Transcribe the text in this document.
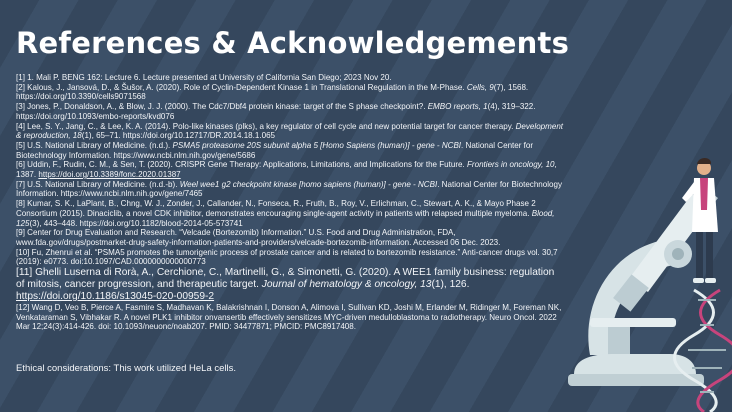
References & Acknowledgements

[1] 1. Mali P. BENG 162: Lecture 6. Lecture presented at University of California San Diego; 2023 Nov 20.

[2] Kalous, J., Jansová, D., & Šušor, A. (2020). Role of Cyclin-Dependent Kinase 1 in Translational Regulation in the M-Phase. Cells, 9(7), 1568. https://doi.org/10.3390/cells9071568

[3] Jones, P., Donaldson, A., & Blow, J. J. (2000). The Cdc7/Dbf4 protein kinase: target of the S phase checkpoint?. EMBO reports, 1(4), 319–322. https://doi.org/10.1093/embo-reports/kvd076

[4] Lee, S. Y., Jang, C., & Lee, K. A. (2014). Polo-like kinases (plks), a key regulator of cell cycle and new potential target for cancer therapy. Development & reproduction, 18(1), 65–71. https://doi.org/10.12717/DR.2014.18.1.065

[5] U.S. National Library of Medicine. (n.d.). PSMA5 proteasome 20S subunit alpha 5 [Homo Sapiens (human)] - gene - NCBI. National Center for Biotechnology Information. https://www.ncbi.nlm.nih.gov/gene/5686

[6] Uddin, F., Rudin, C. M., & Sen, T. (2020). CRISPR Gene Therapy: Applications, Limitations, and Implications for the Future. Frontiers in oncology, 10, 1387. https://doi.org/10.3389/fonc.2020.01387

[7] U.S. National Library of Medicine. (n.d.-b). Weel wee1 g2 checkpoint kinase [homo sapiens (human)] - gene - NCBI. National Center for Biotechnology Information. https://www.ncbi.nlm.nih.gov/gene/7465

[8] Kumar, S. K., LaPlant, B., Chng, W. J., Zonder, J., Callander, N., Fonseca, R., Fruth, B., Roy, V., Erlichman, C., Stewart, A. K., & Mayo Phase 2 Consortium (2015). Dinaciclib, a novel CDK inhibitor, demonstrates encouraging single-agent activity in patients with relapsed multiple myeloma. Blood, 125(3), 443–448. https://doi.org/10.1182/blood-2014-05-573741

[9] Center for Drug Evaluation and Research. “Velcade (Bortezomib) Information.” U.S. Food and Drug Administration, FDA, www.fda.gov/drugs/postmarket-drug-safety-information-patients-and-providers/velcade-bortezomib-information. Accessed 06 Dec. 2023.

[10] Fu, Zhenrui et al. “PSMA5 promotes the tumorigenic process of prostate cancer and is related to bortezomib resistance.” Anti-cancer drugs vol. 30,7 (2019): e0773. doi:10.1097/CAD.0000000000000773

[11] Ghelli Luserna di Rorà, A., Cerchione, C., Martinelli, G., & Simonetti, G. (2020). A WEE1 family business: regulation of mitosis, cancer progression, and therapeutic target. Journal of hematology & oncology, 13(1), 126. https://doi.org/10.1186/s13045-020-00959-2

[12] Wang D, Veo B, Pierce A, Fasmire S, Madhavan K, Balakrishnan I, Donson A, Alimova I, Sullivan KD, Joshi M, Erlander M, Ridinger M, Foreman NK, Venkataraman S, Vibhakar R. A novel PLK1 inhibitor onvansertib effectively sensitizes MYC-driven medulloblastoma to radiotherapy. Neuro Oncol. 2022 Mar 12;24(3):414-426. doi: 10.1093/neuonc/noab207. PMID: 34477871; PMCID: PMC8917408.

Ethical considerations: This work utilized HeLa cells.
